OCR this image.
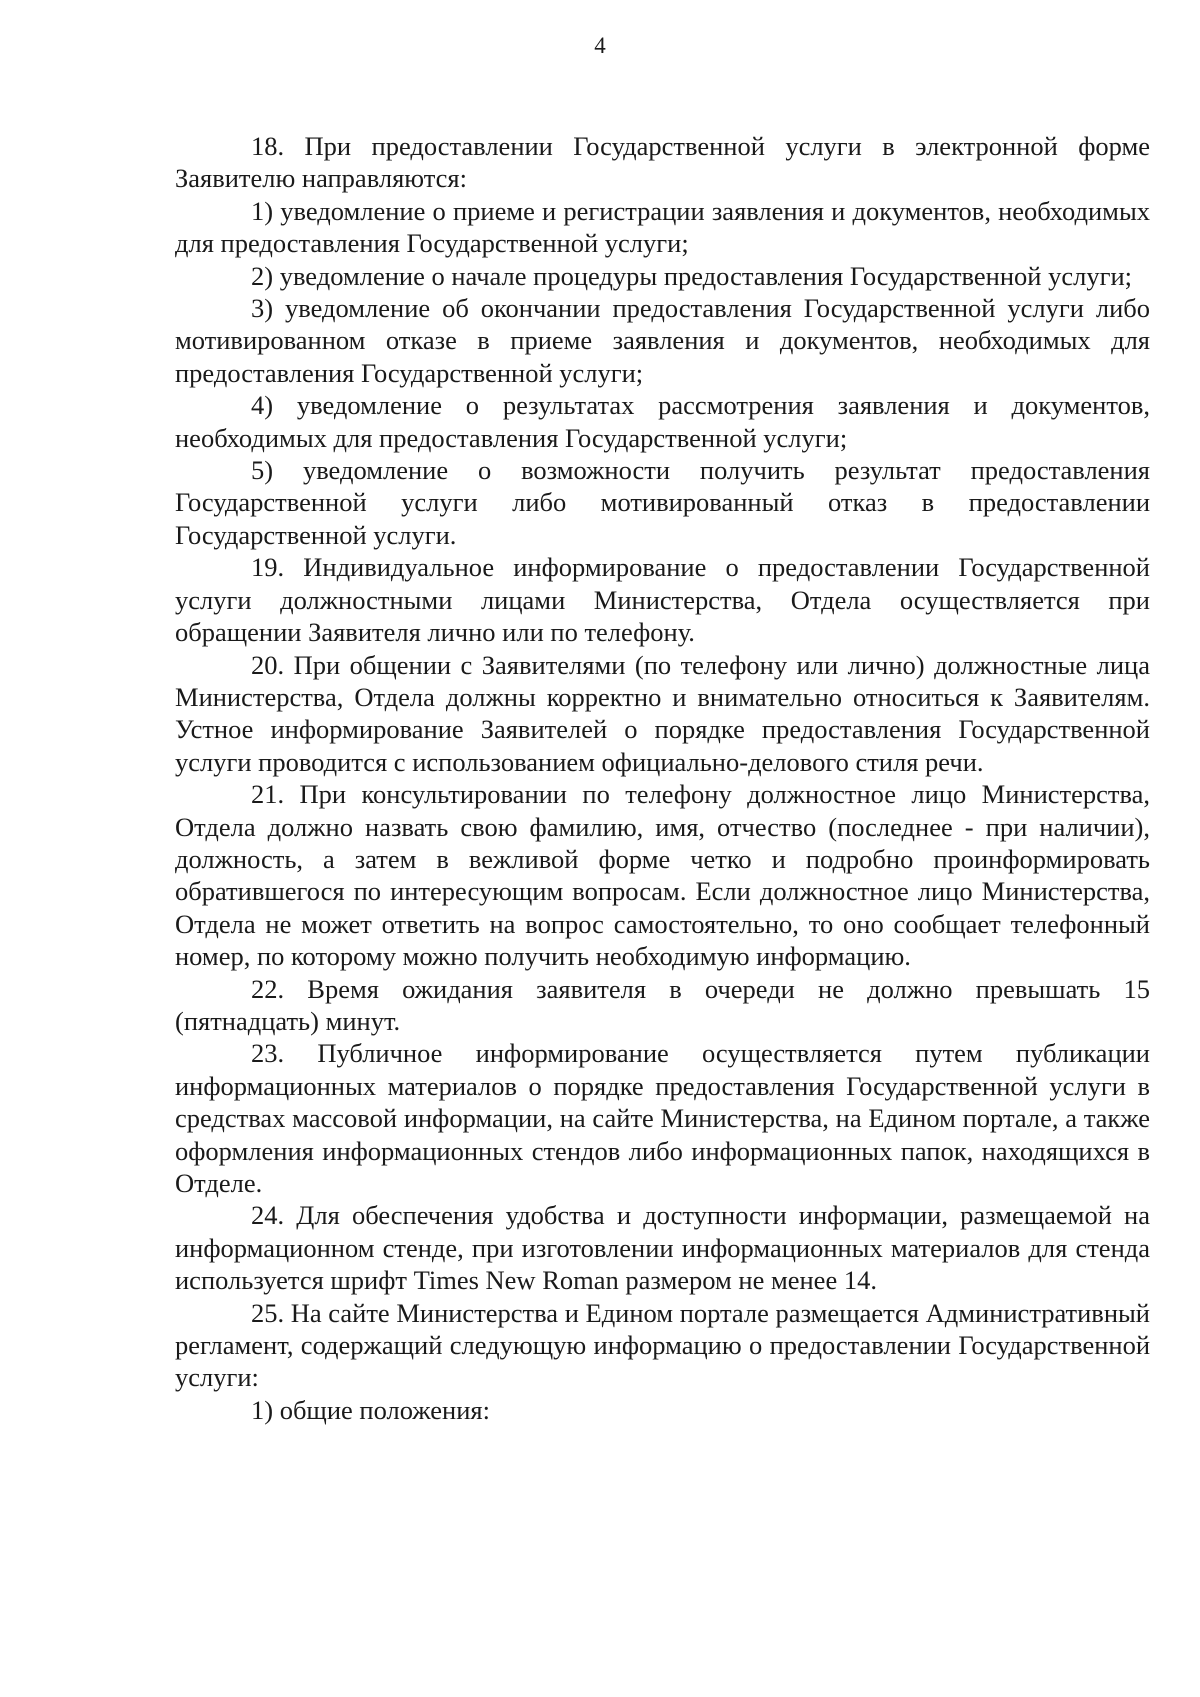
4

18. При предоставлении Государственной услуги в электронной форме Заявителю направляются:

1) уведомление о приеме и регистрации заявления и документов, необходимых для предоставления Государственной услуги;

2) уведомление о начале процедуры предоставления Государственной услуги;

3) уведомление об окончании предоставления Государственной услуги либо мотивированном отказе в приеме заявления и документов, необходимых для предоставления Государственной услуги;

4) уведомление о результатах рассмотрения заявления и документов, необходимых для предоставления Государственной услуги;

5) уведомление о возможности получить результат предоставления Государственной услуги либо мотивированный отказ в предоставлении Государственной услуги.

19. Индивидуальное информирование о предоставлении Государственной услуги должностными лицами Министерства, Отдела осуществляется при обращении Заявителя лично или по телефону.

20. При общении с Заявителями (по телефону или лично) должностные лица Министерства, Отдела должны корректно и внимательно относиться к Заявителям. Устное информирование Заявителей о порядке предоставления Государственной услуги проводится с использованием официально-делового стиля речи.

21. При консультировании по телефону должностное лицо Министерства, Отдела должно назвать свою фамилию, имя, отчество (последнее - при наличии), должность, а затем в вежливой форме четко и подробно проинформировать обратившегося по интересующим вопросам. Если должностное лицо Министерства, Отдела не может ответить на вопрос самостоятельно, то оно сообщает телефонный номер, по которому можно получить необходимую информацию.

22. Время ожидания заявителя в очереди не должно превышать 15 (пятнадцать) минут.

23. Публичное информирование осуществляется путем публикации информационных материалов о порядке предоставления Государственной услуги в средствах массовой информации, на сайте Министерства, на Едином портале, а также оформления информационных стендов либо информационных папок, находящихся в Отделе.

24. Для обеспечения удобства и доступности информации, размещаемой на информационном стенде, при изготовлении информационных материалов для стенда используется шрифт Times New Roman размером не менее 14.

25. На сайте Министерства и Едином портале размещается Административный регламент, содержащий следующую информацию о предоставлении Государственной услуги:

1) общие положения:
